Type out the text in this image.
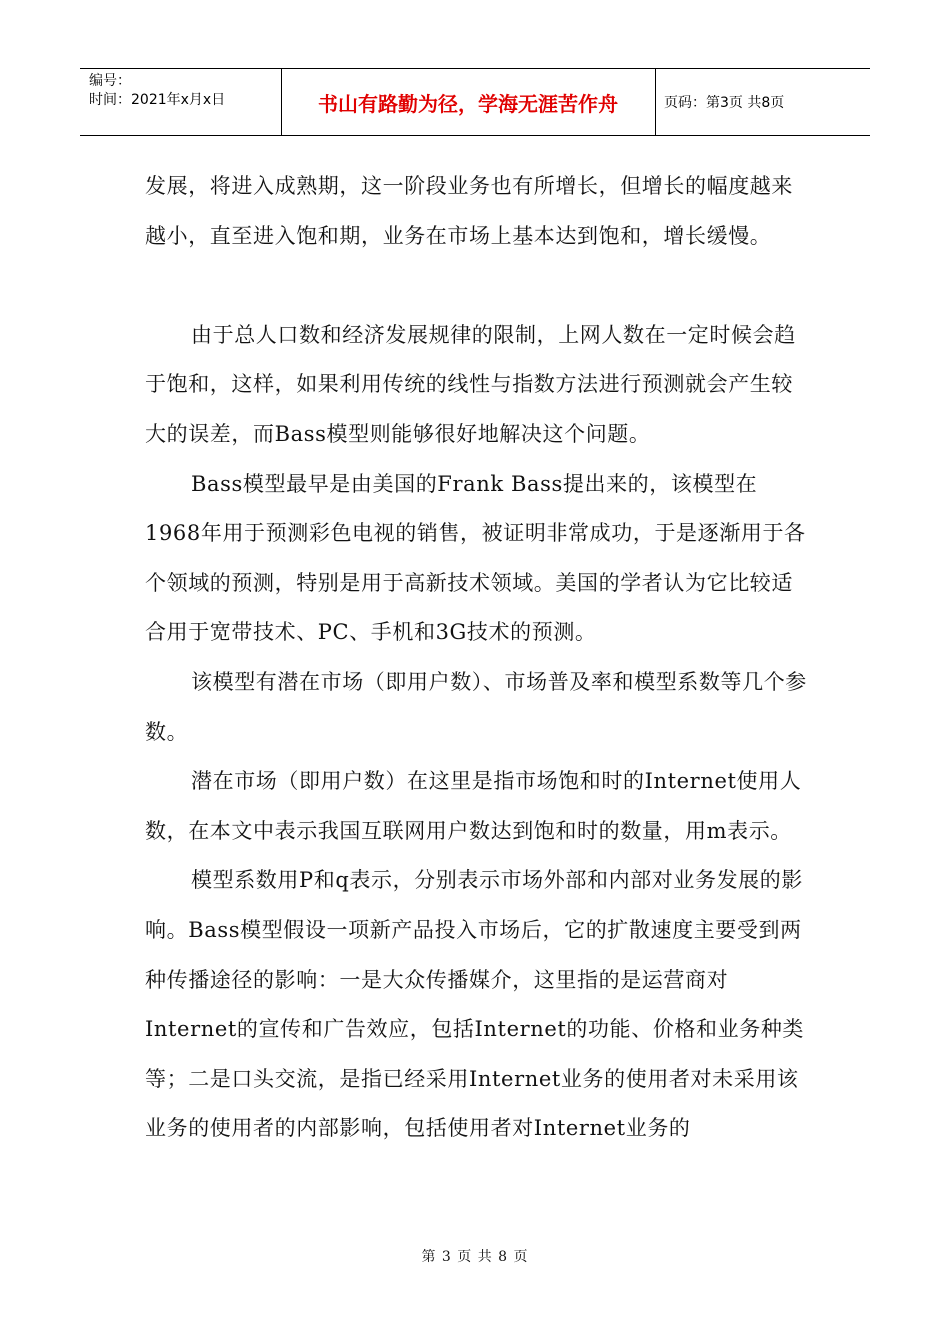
编号：
时间：2021年x月x日	书山有路勤为径，学海无涯苦作舟	页码：第3页 共8页

发展，将进入成熟期，这一阶段业务也有所增长，但增长的幅度越来越小，直至进入饱和期，业务在市场上基本达到饱和，增长缓慢。

由于总人口数和经济发展规律的限制，上网人数在一定时候会趋于饱和，这样，如果利用传统的线性与指数方法进行预测就会产生较大的误差，而Bass模型则能够很好地解决这个问题。

Bass模型最早是由美国的Frank Bass提出来的，该模型在1968年用于预测彩色电视的销售，被证明非常成功，于是逐渐用于各个领域的预测，特别是用于高新技术领域。美国的学者认为它比较适合用于宽带技术、PC、手机和3G技术的预测。

该模型有潜在市场（即用户数）、市场普及率和模型系数等几个参数。

潜在市场（即用户数）在这里是指市场饱和时的Internet使用人数，在本文中表示我国互联网用户数达到饱和时的数量，用m表示。

模型系数用P和q表示，分别表示市场外部和内部对业务发展的影响。Bass模型假设一项新产品投入市场后，它的扩散速度主要受到两种传播途径的影响：一是大众传播媒介，这里指的是运营商对Internet的宣传和广告效应，包括Internet的功能、价格和业务种类等；二是口头交流，是指已经采用Internet业务的使用者对未采用该业务的使用者的内部影响，包括使用者对Internet业务的

第 3 页 共 8 页
